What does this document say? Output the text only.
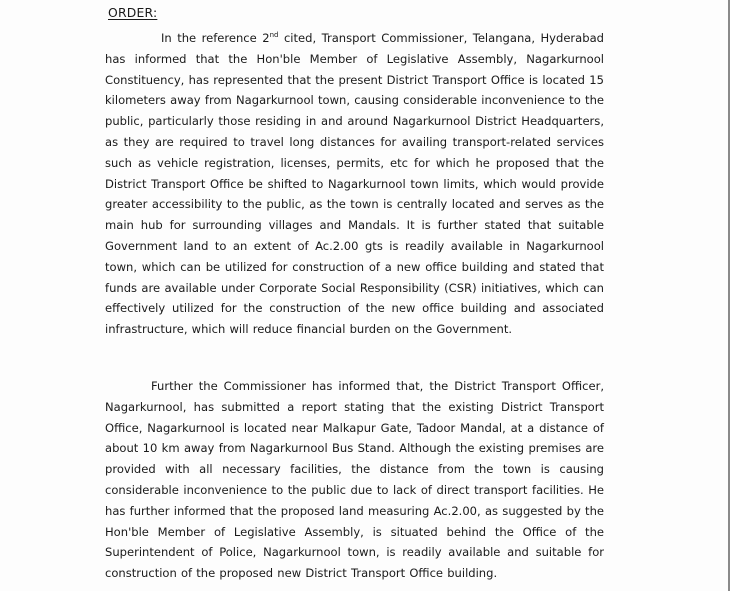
ORDER:

In the reference 2nd cited, Transport Commissioner, Telangana, Hyderabad has informed that the Hon'ble Member of Legislative Assembly, Nagarkurnool Constituency, has represented that the present District Transport Office is located 15 kilometers away from Nagarkurnool town, causing considerable inconvenience to the public, particularly those residing in and around Nagarkurnool District Headquarters, as they are required to travel long distances for availing transport-related services such as vehicle registration, licenses, permits, etc for which he proposed that the District Transport Office be shifted to Nagarkurnool town limits, which would provide greater accessibility to the public, as the town is centrally located and serves as the main hub for surrounding villages and Mandals. It is further stated that suitable Government land to an extent of Ac.2.00 gts is readily available in Nagarkurnool town, which can be utilized for construction of a new office building and stated that funds are available under Corporate Social Responsibility (CSR) initiatives, which can effectively utilized for the construction of the new office building and associated infrastructure, which will reduce financial burden on the Government.

Further the Commissioner has informed that, the District Transport Officer, Nagarkurnool, has submitted a report stating that the existing District Transport Office, Nagarkurnool is located near Malkapur Gate, Tadoor Mandal, at a distance of about 10 km away from Nagarkurnool Bus Stand. Although the existing premises are provided with all necessary facilities, the distance from the town is causing considerable inconvenience to the public due to lack of direct transport facilities. He has further informed that the proposed land measuring Ac.2.00, as suggested by the Hon'ble Member of Legislative Assembly, is situated behind the Office of the Superintendent of Police, Nagarkurnool town, is readily available and suitable for construction of the proposed new District Transport Office building.
